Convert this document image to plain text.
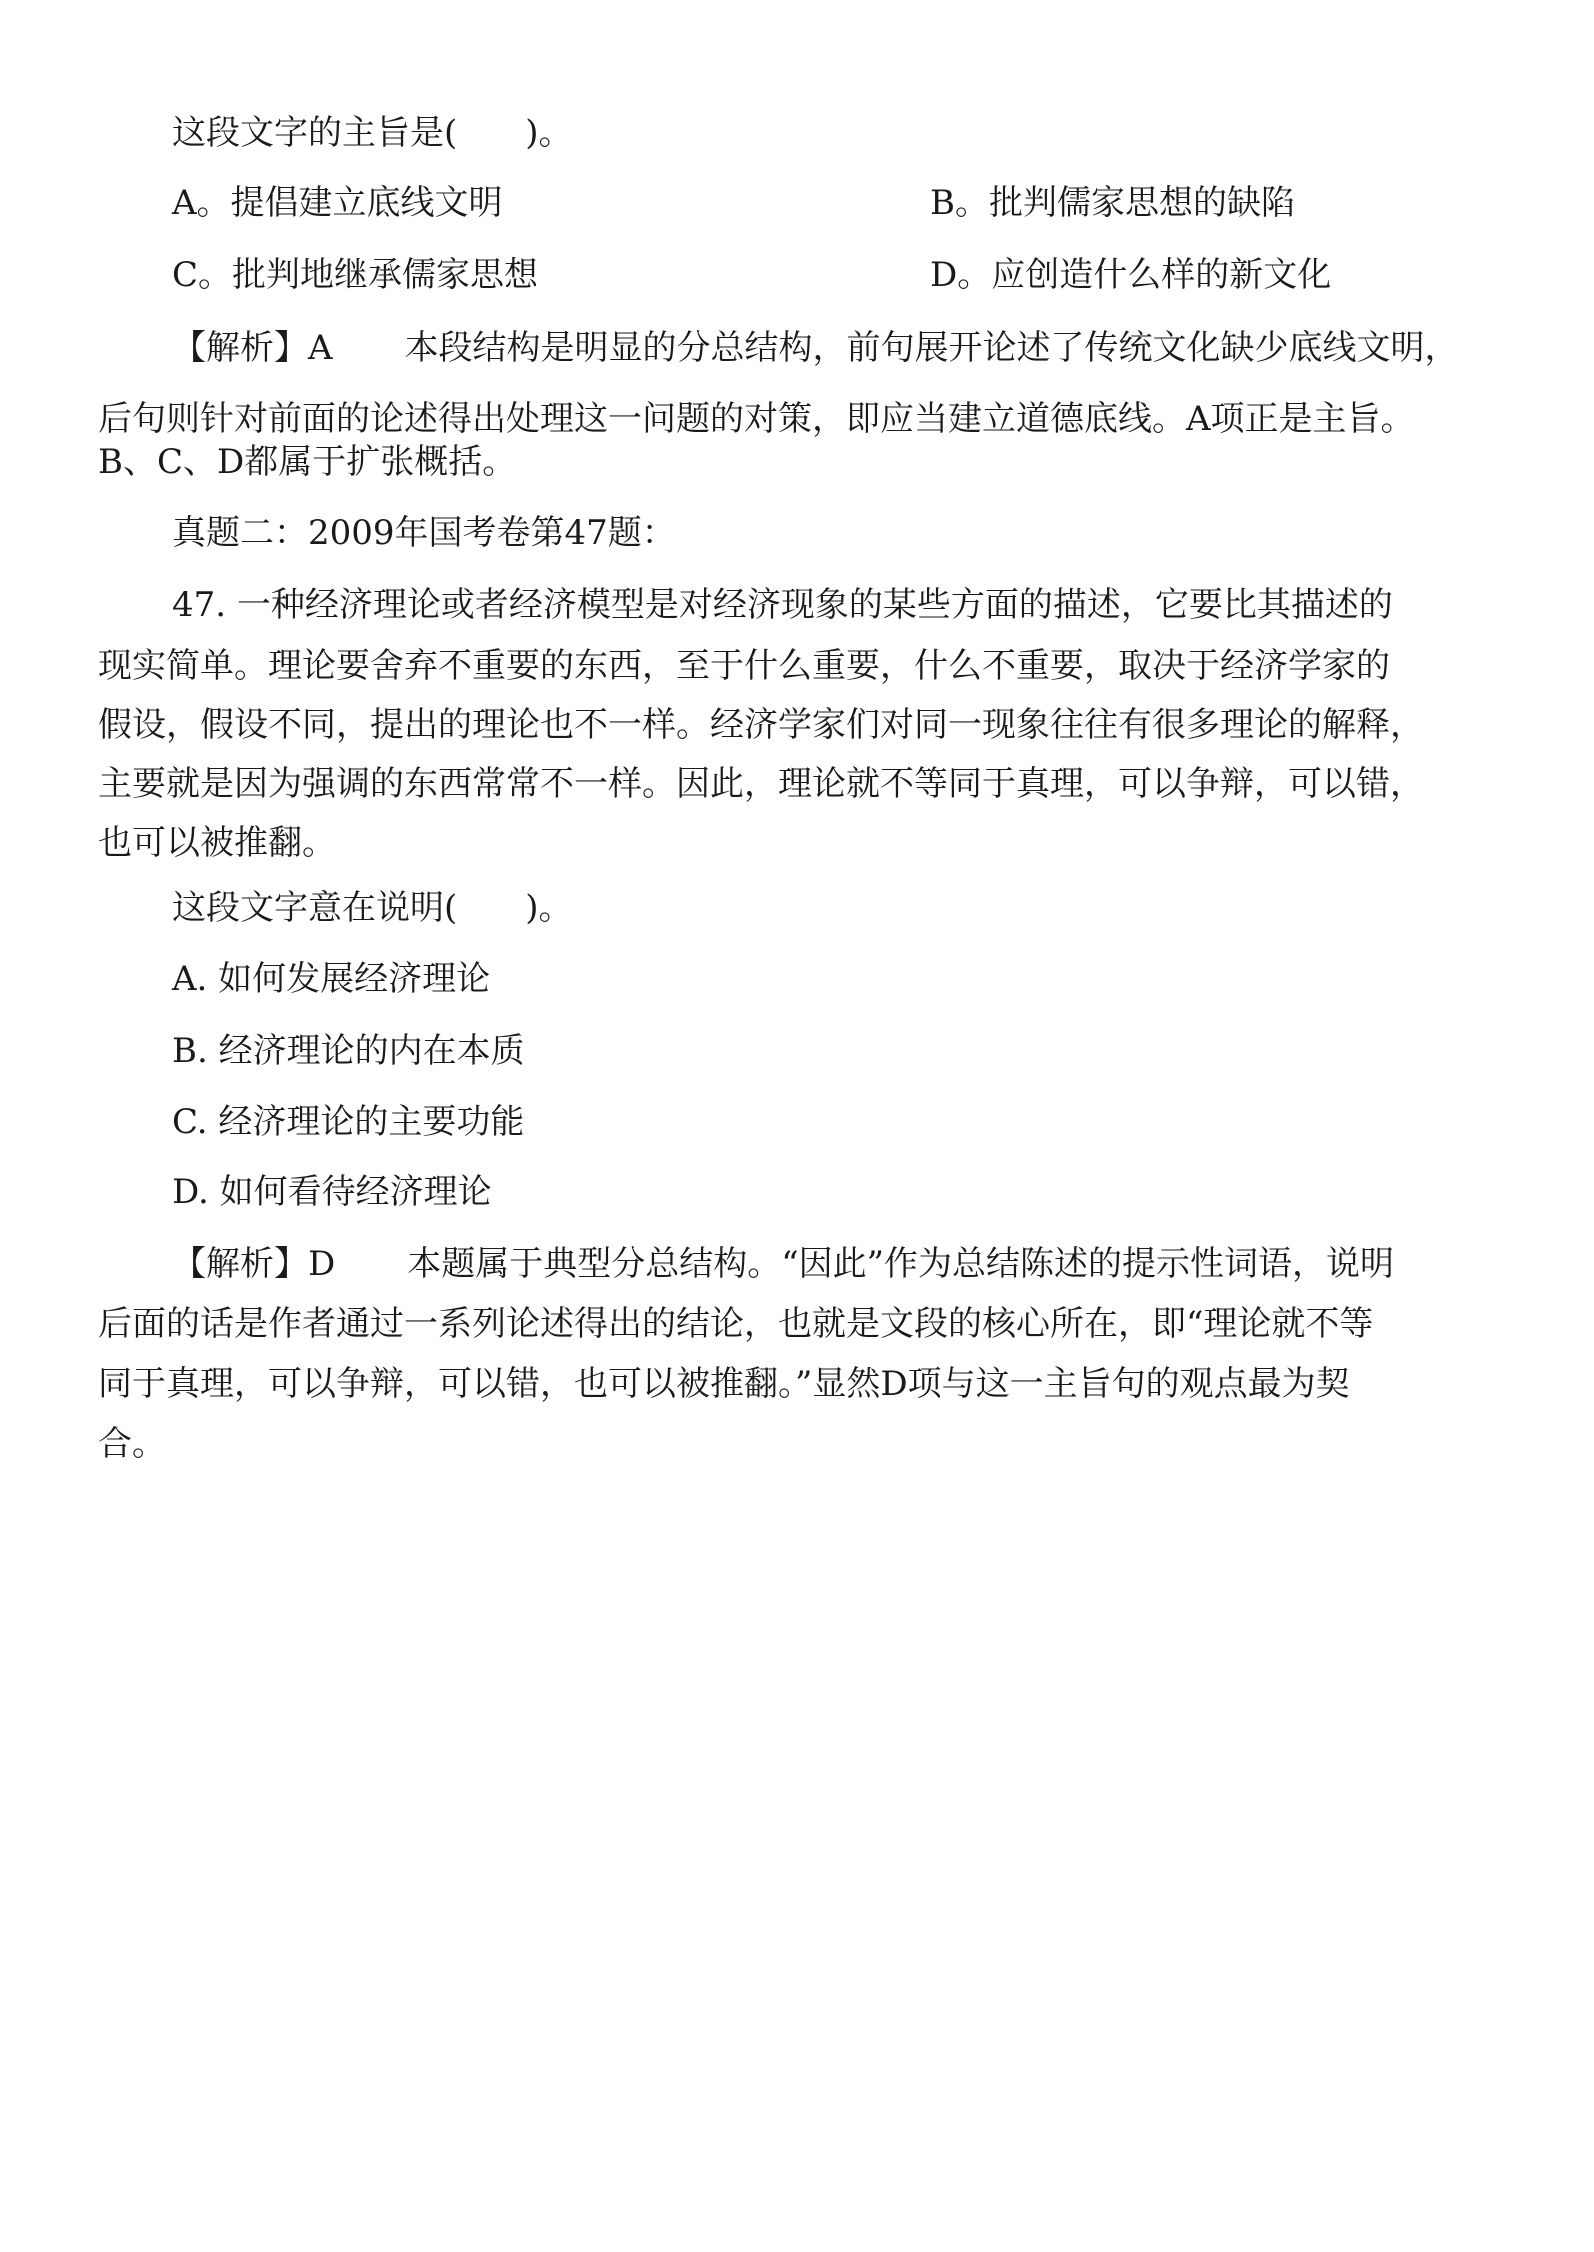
这段文字的主旨是(　　)。

A。提倡建立底线文明	B。批判儒家思想的缺陷

C。批判地继承儒家思想	D。应创造什么样的新文化

【解析】A 本段结构是明显的分总结构，前句展开论述了传统文化缺少底线文明，

后句则针对前面的论述得出处理这一问题的对策，即应当建立道德底线。A项正是主旨。

B、C、D都属于扩张概括。

真题二：2009年国考卷第47题：

47. 一种经济理论或者经济模型是对经济现象的某些方面的描述，它要比其描述的

现实简单。理论要舍弃不重要的东西，至于什么重要，什么不重要，取决于经济学家的

假设，假设不同，提出的理论也不一样。经济学家们对同一现象往往有很多理论的解释，

主要就是因为强调的东西常常不一样。因此，理论就不等同于真理，可以争辩，可以错，

也可以被推翻。

这段文字意在说明(　　)。

A. 如何发展经济理论

B. 经济理论的内在本质

C. 经济理论的主要功能

D. 如何看待经济理论

【解析】D 本题属于典型分总结构。“因此”作为总结陈述的提示性词语，说明

后面的话是作者通过一系列论述得出的结论，也就是文段的核心所在，即“理论就不等

同于真理，可以争辩，可以错，也可以被推翻。”显然D项与这一主旨句的观点最为契

合。
